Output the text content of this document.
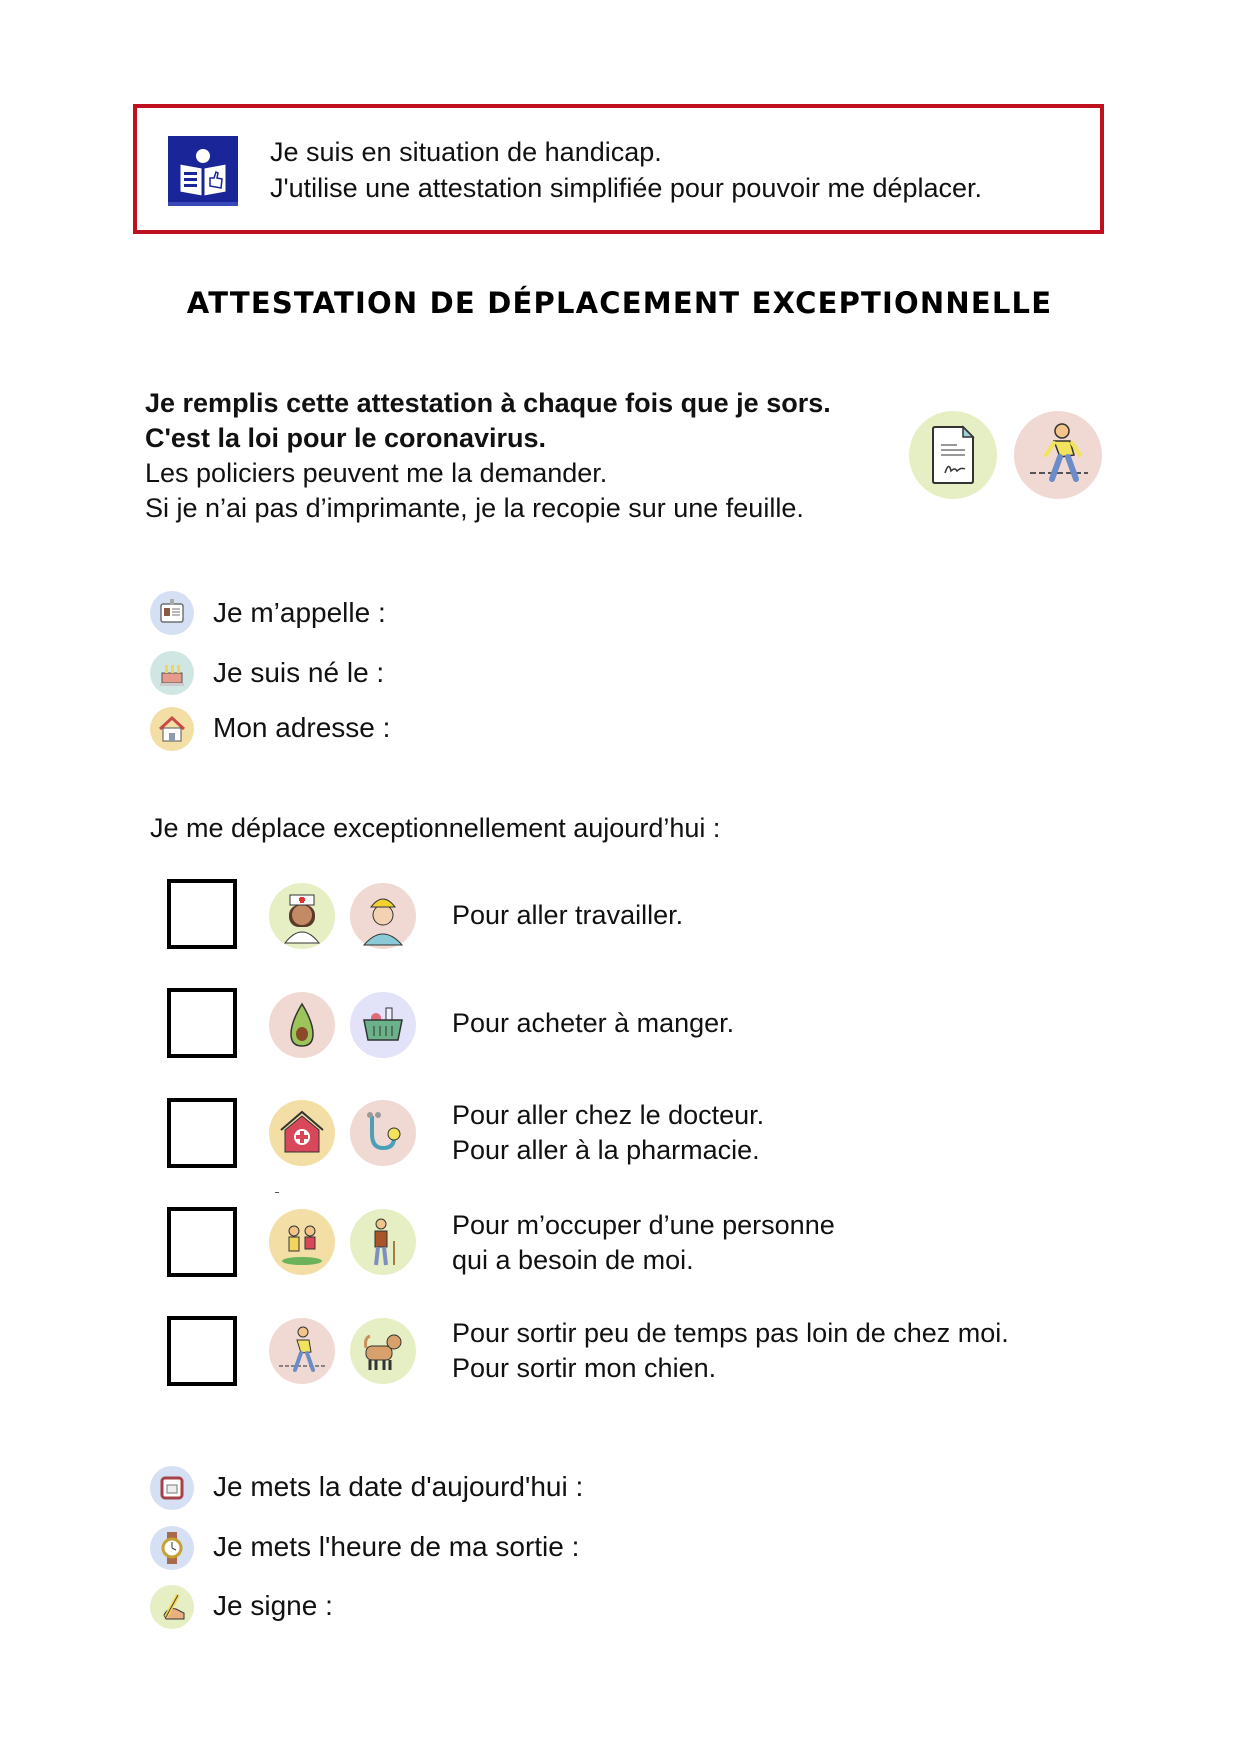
Je suis en situation de handicap.
J'utilise une attestation simplifiée pour pouvoir me déplacer.
ATTESTATION DE DÉPLACEMENT EXCEPTIONNELLE
Je remplis cette attestation à chaque fois que je sors.
C'est la loi pour le coronavirus.
Les policiers peuvent me la demander.
Si je n’ai pas d’imprimante, je la recopie sur une feuille.
Je m’appelle :
Je suis né le :
Mon adresse :
Je me déplace exceptionnellement aujourd’hui :
Pour aller travailler.
Pour acheter à manger.
Pour aller chez le docteur.
Pour aller à la pharmacie.
Pour m’occuper d’une personne
qui a besoin de moi.
Pour sortir peu de temps pas loin de chez moi.
Pour sortir mon chien.
Je mets la date d'aujourd'hui :
Je mets l'heure de ma sortie :
Je signe :
